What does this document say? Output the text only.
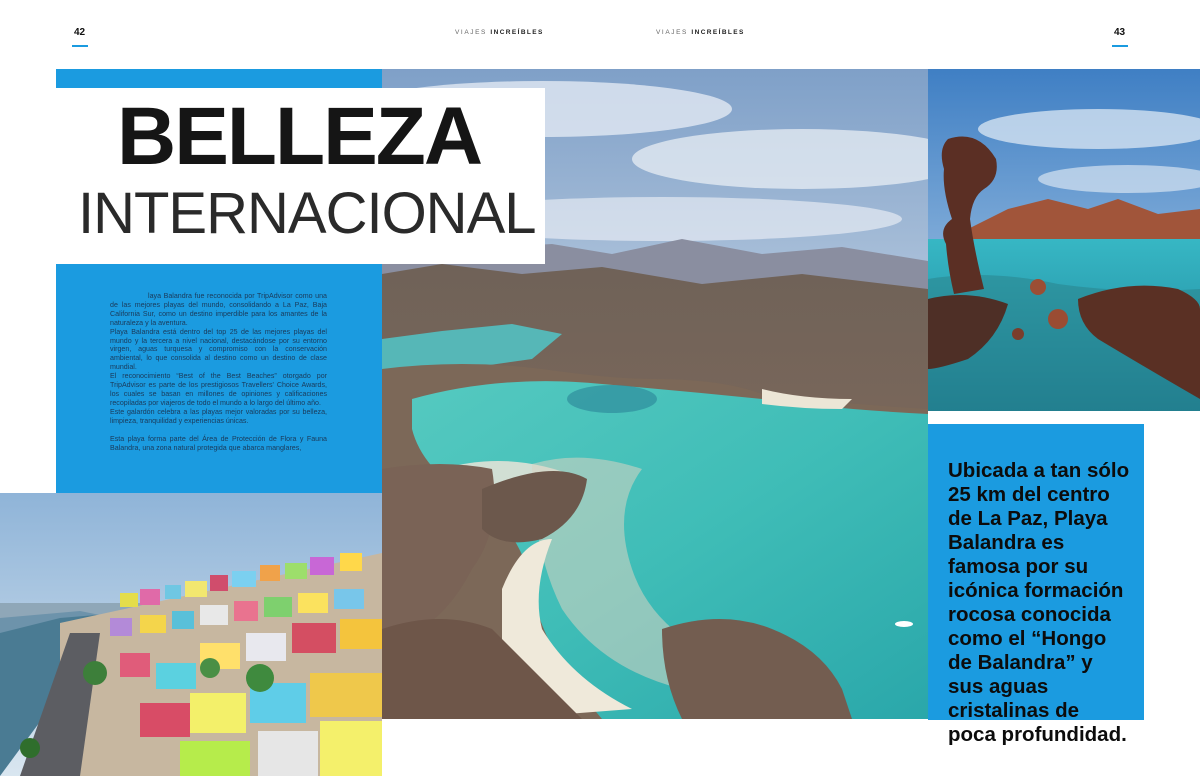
42	VIAJES INCREÍBLES	VIAJES INCREÍBLES	43
BELLEZA
INTERNACIONAL

laya Balandra fue reconocida por TripAdvisor como una de las mejores playas del mundo, consolidando a La Paz, Baja California Sur, como un destino imperdible para los amantes de la naturaleza y la aventura.

Playa Balandra está dentro del top 25 de las mejores playas del mundo y la tercera a nivel nacional, destacándose por su entorno virgen, aguas turquesa y compromiso con la conservación ambiental, lo que consolida al destino como un destino de clase mundial.

El reconocimiento “Best of the Best Beaches” otorgado por TripAdvisor es parte de los prestigiosos Travellers' Choice Awards, los cuales se basan en millones de opiniones y calificaciones recopiladas por viajeros de todo el mundo a lo largo del último año.

Este galardón celebra a las playas mejor valoradas por su belleza, limpieza, tranquilidad y experiencias únicas.

Esta playa forma parte del Área de Protección de Flora y Fauna Balandra, una zona natural protegida que abarca manglares,

Ubicada a tan sólo 25 km del centro de La Paz, Playa Balandra es famosa por su icónica formación rocosa conocida como el “Hongo de Balandra” y sus aguas cristalinas de poca profundidad.
